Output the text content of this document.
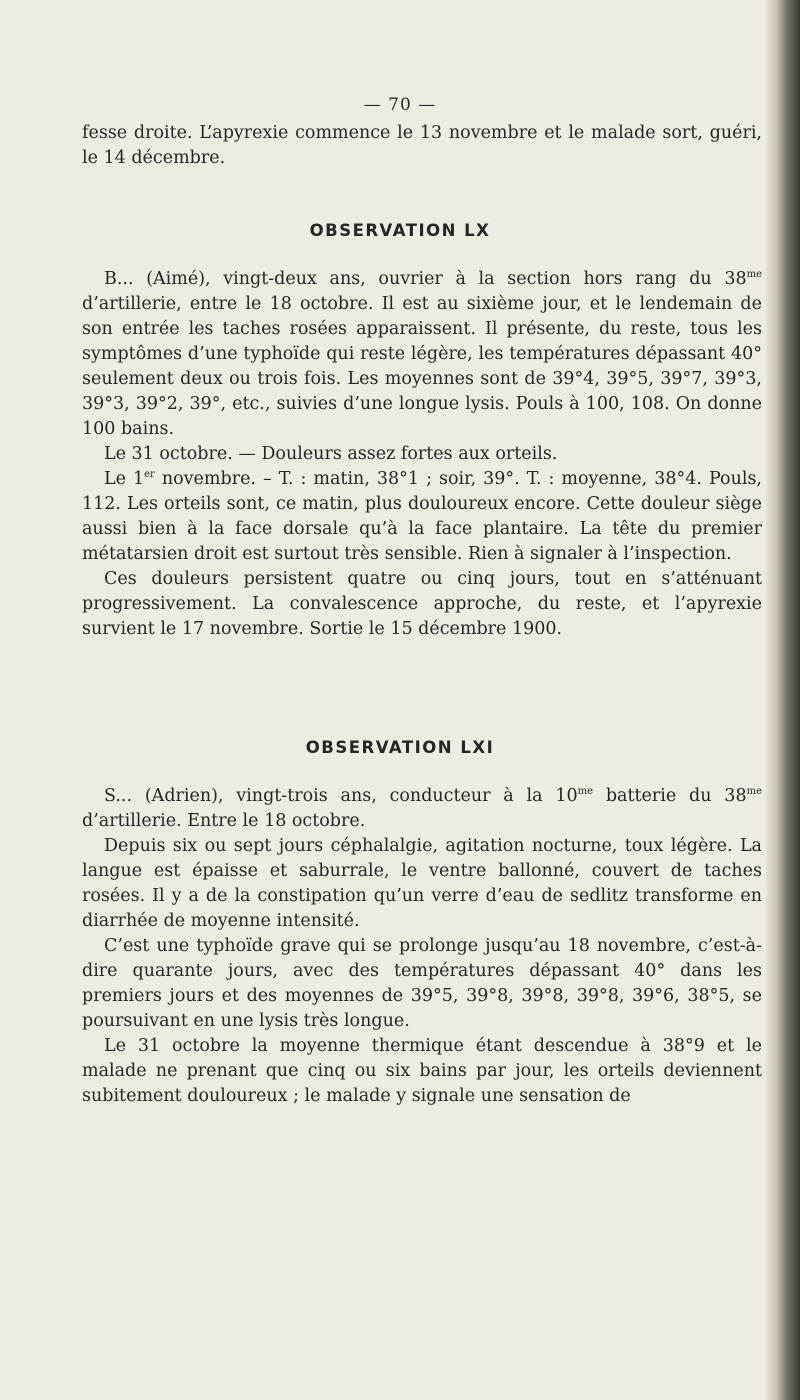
— 70 —

fesse droite. L’apyrexie commence le 13 novembre et le malade sort, guéri, le 14 décembre.

OBSERVATION LX

B... (Aimé), vingt-deux ans, ouvrier à la section hors rang du $38^{me}$ d’artillerie, entre le 18 octobre. Il est au sixième jour, et le lendemain de son entrée les taches rosées apparaissent. Il présente, du reste, tous les symptômes d’une typhoïde qui reste légère, les températures dépassant 40° seulement deux ou trois fois. Les moyennes sont de 39°4, 39°5, 39°7, 39°3, 39°3, 39°2, 39°, etc., suivies d’une longue lysis. Pouls à 100, 108. On donne 100 bains.

Le 31 octobre. — Douleurs assez fortes aux orteils.

Le 1er novembre. – T. : matin, 38°1 ; soir, 39°. T. : moyenne, 38°4. Pouls, 112. Les orteils sont, ce matin, plus douloureux encore. Cette douleur siège aussi bien à la face dorsale qu’à la face plantaire. La tête du premier métatarsien droit est surtout très sensible. Rien à signaler à l’inspection.

Ces douleurs persistent quatre ou cinq jours, tout en s’atténuant progressivement. La convalescence approche, du reste, et l’apyrexie survient le 17 novembre. Sortie le 15 décembre 1900.

OBSERVATION LXI

S... (Adrien), vingt-trois ans, conducteur à la $10^{me}$ batterie du $38^{me}$ d’artillerie. Entre le 18 octobre.

Depuis six ou sept jours céphalalgie, agitation nocturne, toux légère. La langue est épaisse et saburrale, le ventre ballonné, couvert de taches rosées. Il y a de la constipation qu’un verre d’eau de sedlitz transforme en diarrhée de moyenne intensité.

C’est une typhoïde grave qui se prolonge jusqu’au 18 novembre, c’est-à-dire quarante jours, avec des températures dépassant 40° dans les premiers jours et des moyennes de 39°5, 39°8, 39°8, 39°8, 39°6, 38°5, se poursuivant en une lysis très longue.

Le 31 octobre la moyenne thermique étant descendue à 38°9 et le malade ne prenant que cinq ou six bains par jour, les orteils deviennent subitement douloureux ; le malade y signale une sensation de
